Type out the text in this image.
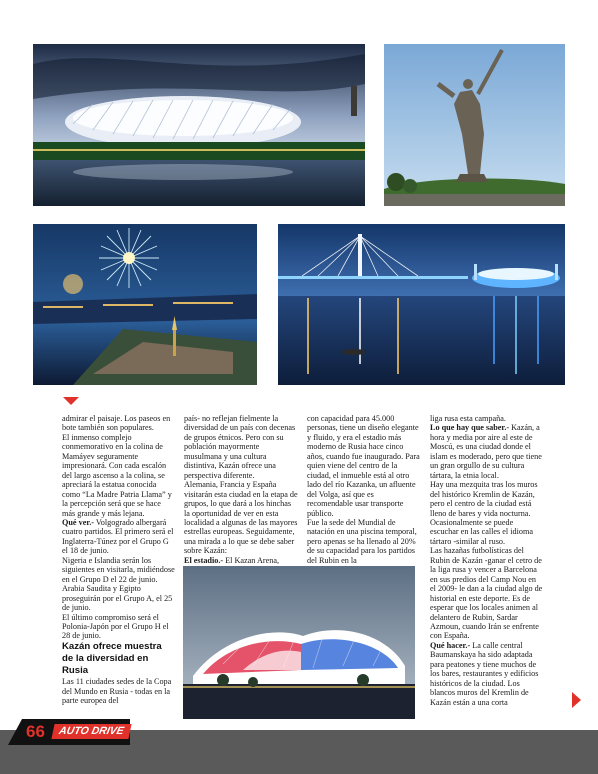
admirar el paisaje. Los paseos en bote también son populares.

El inmenso complejo conmemorativo en la colina de Mamáyev seguramente impresionará. Con cada escalón del largo ascenso a la colina, se apreciará la estatua conocida como “La Madre Patria Llama” y la percepción será que se hace más grande y más lejana.

Qué ver.- Volgogrado albergará cuatro partidos. El primero será el Inglaterra-Túnez por el Grupo G el 18 de junio.

Nigeria e Islandia serán los siguientes en visitarla, midiéndose en el Grupo D el 22 de junio. Arabia Saudita y Egipto proseguirán por el Grupo A, el 25 de junio.

El último compromiso será el Polonia-Japón por el Grupo H el 28 de junio.

Kazán ofrece muestra de la diversidad en Rusia

Las 11 ciudades sedes de la Copa del Mundo en Rusia - todas en la parte europea del

país- no reflejan fielmente la diversidad de un país con decenas de grupos étnicos. Pero con su población mayormente musulmana y una cultura distintiva, Kazán ofrece una perspectiva diferente.

Alemania, Francia y España visitarán esta ciudad en la etapa de grupos, lo que dará a los hinchas la oportunidad de ver en esta localidad a algunas de las mayores estrellas europeas. Seguidamente, una mirada a lo que se debe saber sobre Kazán:

El estadio.- El Kazan Arena,

con capacidad para 45.000 personas, tiene un diseño elegante y fluido, y era el estadio más moderno de Rusia hace cinco años, cuando fue inaugurado. Para quien viene del centro de la ciudad, el inmueble está al otro lado del río Kazanka, un afluente del Volga, así que es recomendable usar transporte público.

Fue la sede del Mundial de natación en una piscina temporal, pero apenas se ha llenado al 20% de su capacidad para los partidos del Rubin en la

liga rusa esta campaña.

Lo que hay que saber.- Kazán, a hora y media por aire al este de Moscú, es una ciudad donde el islam es moderado, pero que tiene un gran orgullo de su cultura tártara, la etnia local.

Hay una mezquita tras los muros del histórico Kremlin de Kazán, pero el centro de la ciudad está lleno de bares y vida nocturna. Ocasionalmente se puede escuchar en las calles el idioma tártaro -similar al ruso.

Las hazañas futbolísticas del Rubin de Kazán -ganar el cetro de la liga rusa y vencer a Barcelona en sus predios del Camp Nou en el 2009- le dan a la ciudad algo de historial en este deporte. Es de esperar que los locales animen al delantero de Rubin, Sardar Azmoun, cuando Irán se enfrente con España.

Qué hacer.- La calle central Baumanskaya ha sido adaptada para peatones y tiene muchos de los bares, restaurantes y edificios históricos de la ciudad. Los blancos muros del Kremlin de Kazán están a una corta

66	AUTO DRIVE
